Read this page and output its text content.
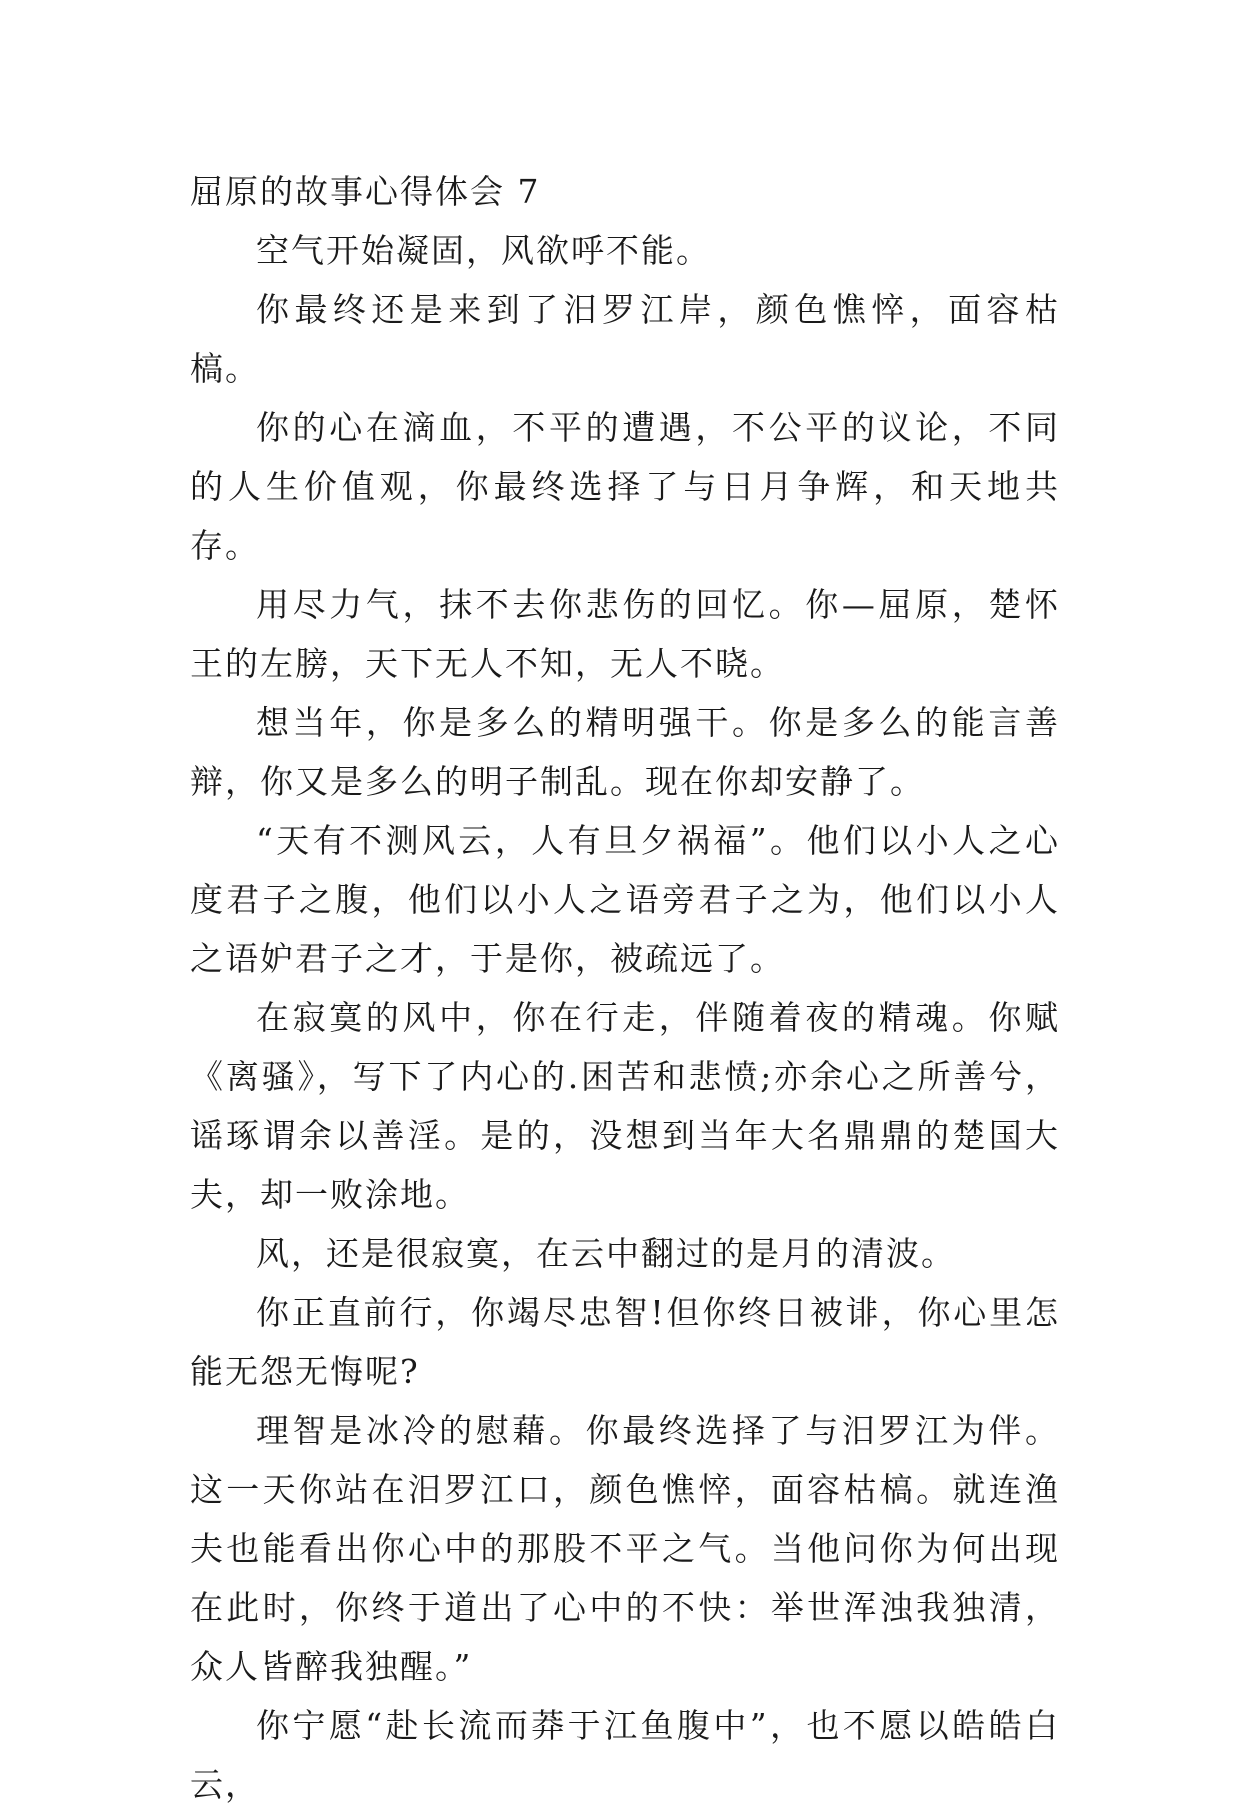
屈原的故事心得体会 7

空气开始凝固，风欲呼不能。

你最终还是来到了汨罗江岸，颜色憔悴，面容枯槁。

你的心在滴血，不平的遭遇，不公平的议论，不同的人生价值观，你最终选择了与日月争辉，和天地共存。

用尽力气，抹不去你悲伤的回忆。你—屈原，楚怀王的左膀，天下无人不知，无人不晓。

想当年，你是多么的精明强干。你是多么的能言善辩，你又是多么的明子制乱。现在你却安静了。

“天有不测风云，人有旦夕祸福”。他们以小人之心度君子之腹，他们以小人之语旁君子之为，他们以小人之语妒君子之才，于是你，被疏远了。

在寂寞的风中，你在行走，伴随着夜的精魂。你赋《离骚》，写下了内心的.困苦和悲愤;亦余心之所善兮，谣琢谓余以善淫。是的，没想到当年大名鼎鼎的楚国大夫，却一败涂地。

风，还是很寂寞，在云中翻过的是月的清波。

你正直前行，你竭尽忠智!但你终日被诽，你心里怎能无怨无悔呢?

理智是冰冷的慰藉。你最终选择了与汨罗江为伴。这一天你站在汨罗江口，颜色憔悴，面容枯槁。就连渔夫也能看出你心中的那股不平之气。当他问你为何出现在此时，你终于道出了心中的不快：举世浑浊我独清，众人皆醉我独醒。”

你宁愿“赴长流而莽于江鱼腹中”，也不愿以皓皓白云，
